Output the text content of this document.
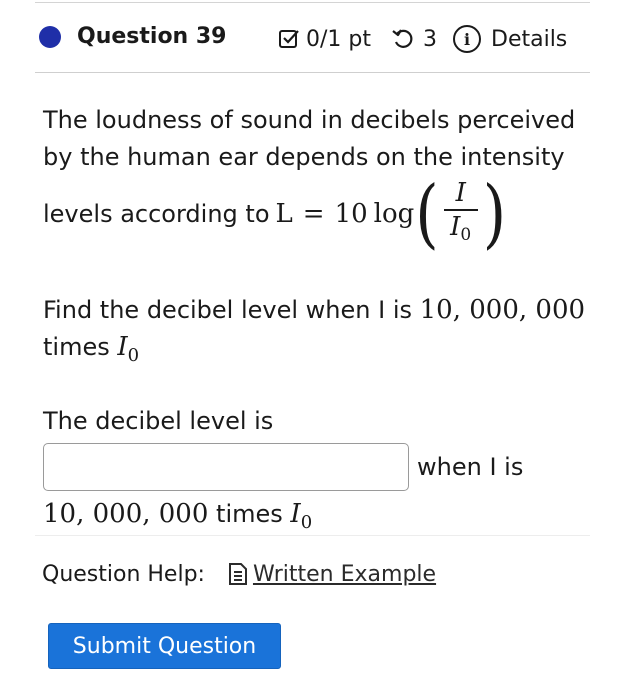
Question 39	0/1 pt 3	i Details
The loudness of sound in decibels perceived
by the human ear depends on the intensity
levels according to L = 10 log ( $\frac{I}{I_0}$ )
Find the decibel level when I is 10, 000, 000
times $I_0$
The decibel level is
when I is
10, 000, 000 times $I_0$
Question Help: Written Example
Submit Question
